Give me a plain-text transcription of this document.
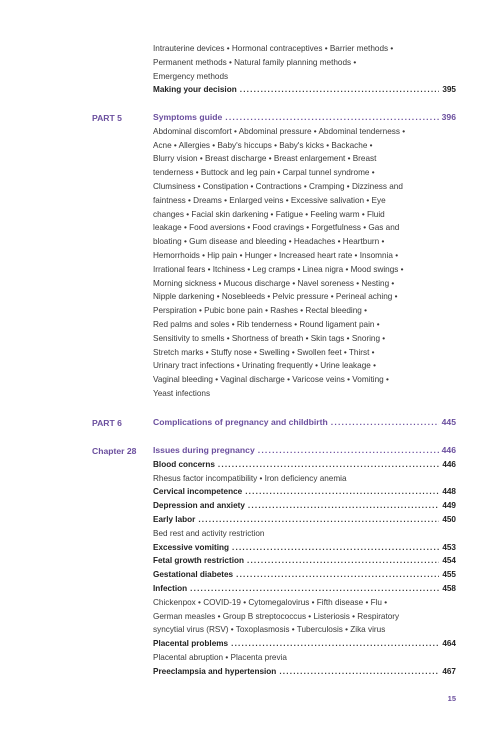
Intrauterine devices • Hormonal contraceptives • Barrier methods •
Permanent methods • Natural family planning methods •
Emergency methods
Making your decision .....	395
PART 5	Symptoms guide .....	396
Abdominal discomfort • Abdominal pressure • Abdominal tenderness •
Acne • Allergies • Baby's hiccups • Baby's kicks • Backache •
Blurry vision • Breast discharge • Breast enlargement • Breast
tenderness • Buttock and leg pain • Carpal tunnel syndrome •
Clumsiness • Constipation • Contractions • Cramping • Dizziness and
faintness • Dreams • Enlarged veins • Excessive salivation • Eye
changes • Facial skin darkening • Fatigue • Feeling warm • Fluid
leakage • Food aversions • Food cravings • Forgetfulness • Gas and
bloating • Gum disease and bleeding • Headaches • Heartburn •
Hemorrhoids • Hip pain • Hunger • Increased heart rate • Insomnia •
Irrational fears • Itchiness • Leg cramps • Linea nigra • Mood swings •
Morning sickness • Mucous discharge • Navel soreness • Nesting •
Nipple darkening • Nosebleeds • Pelvic pressure • Perineal aching •
Perspiration • Pubic bone pain • Rashes • Rectal bleeding •
Red palms and soles • Rib tenderness • Round ligament pain •
Sensitivity to smells • Shortness of breath • Skin tags • Snoring •
Stretch marks • Stuffy nose • Swelling • Swollen feet • Thirst •
Urinary tract infections • Urinating frequently • Urine leakage •
Vaginal bleeding • Vaginal discharge • Varicose veins • Vomiting •
Yeast infections
PART 6	Complications of pregnancy and childbirth .....	445
Chapter 28 Issues during pregnancy .....	446
Blood concerns .....	446
Rhesus factor incompatibility • Iron deficiency anemia
Cervical incompetence .....	448
Depression and anxiety .....	449
Early labor .....	450
Bed rest and activity restriction
Excessive vomiting .....	453
Fetal growth restriction .....	454
Gestational diabetes .....	455
Infection .....	458
Chickenpox • COVID-19 • Cytomegalovirus • Fifth disease • Flu •
German measles • Group B streptococcus • Listeriosis • Respiratory
syncytial virus (RSV) • Toxoplasmosis • Tuberculosis • Zika virus
Placental problems .....	464
Placental abruption • Placenta previa
Preeclampsia and hypertension .....	467
15
